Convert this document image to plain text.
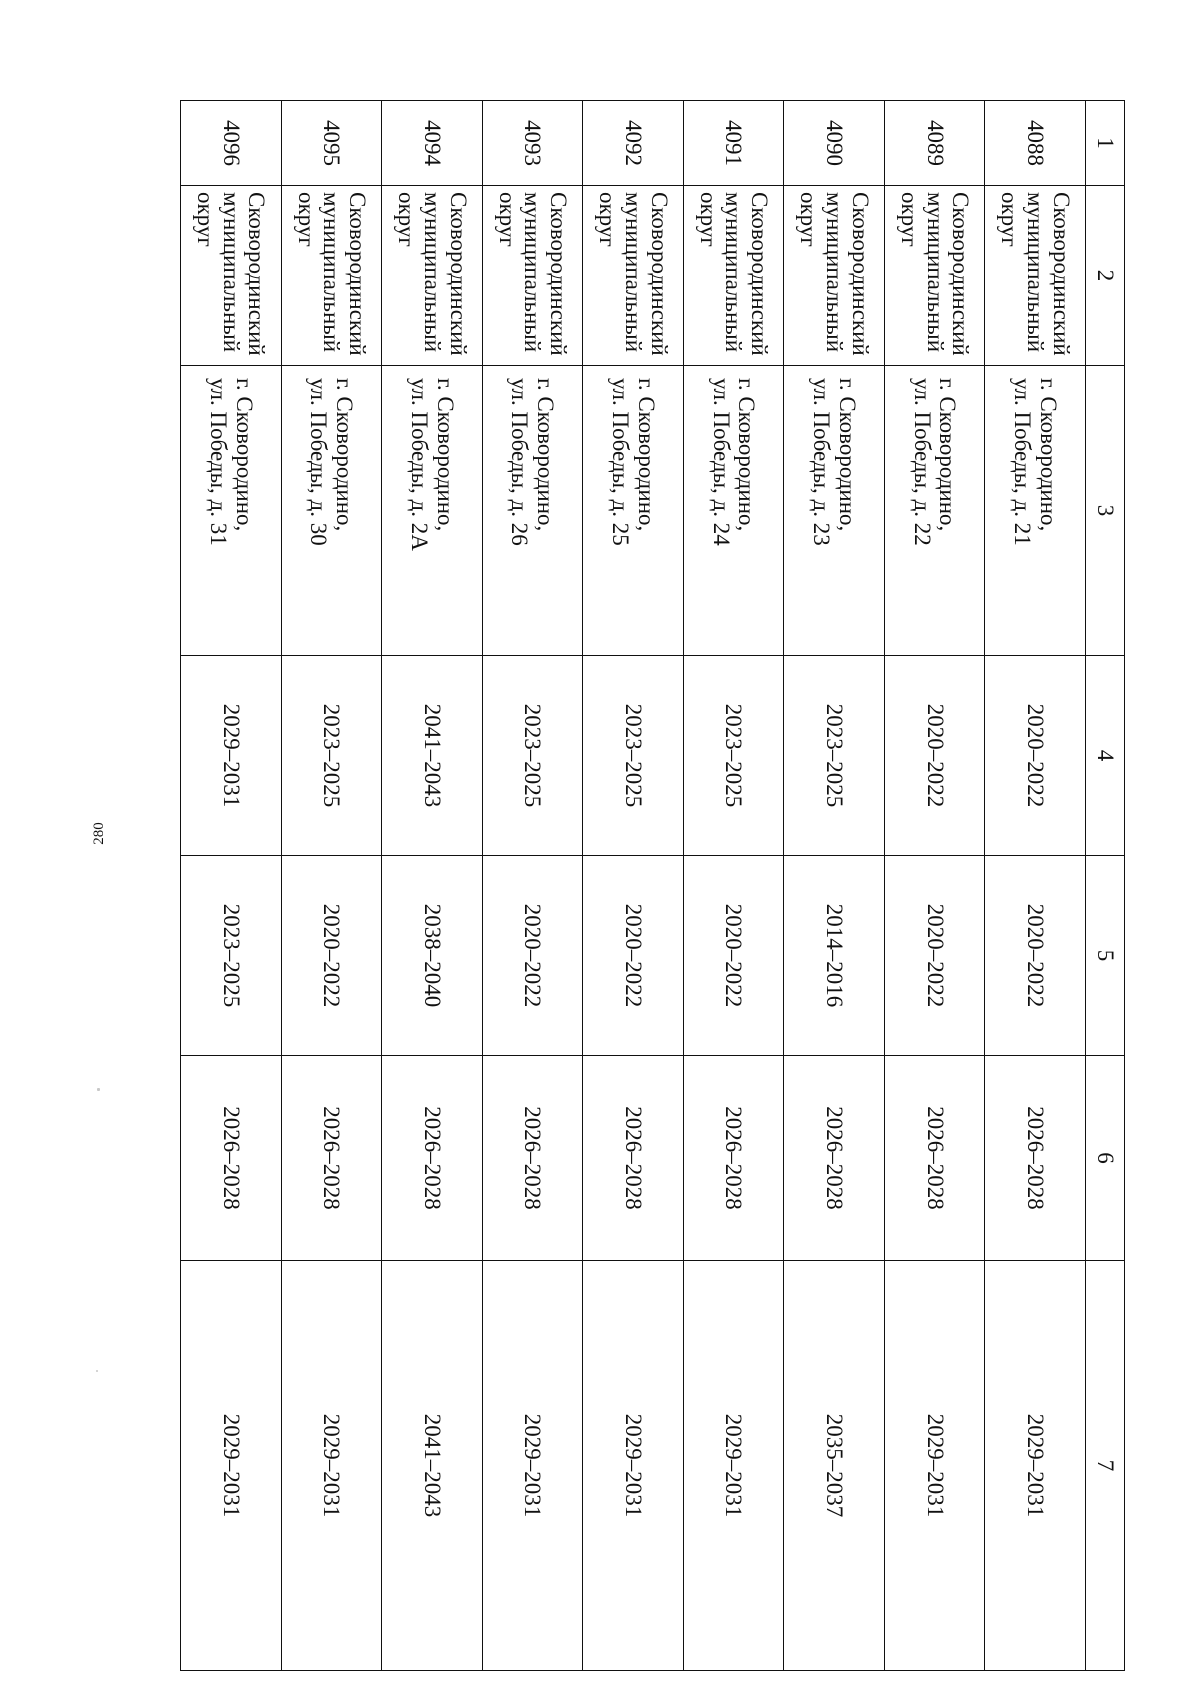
280
1	2	3	4	5	6	7
4088	Сковородинский
муниципальный
округ	г. Сковородино,
ул. Победы, д. 21	2020–2022	2020–2022	2026–2028	2029–2031
4089	Сковородинский
муниципальный
округ	г. Сковородино,
ул. Победы, д. 22	2020–2022	2020–2022	2026–2028	2029–2031
4090	Сковородинский
муниципальный
округ	г. Сковородино,
ул. Победы, д. 23	2023–2025	2014–2016	2026–2028	2035–2037
4091	Сковородинский
муниципальный
округ	г. Сковородино,
ул. Победы, д. 24	2023–2025	2020–2022	2026–2028	2029–2031
4092	Сковородинский
муниципальный
округ	г. Сковородино,
ул. Победы, д. 25	2023–2025	2020–2022	2026–2028	2029–2031
4093	Сковородинский
муниципальный
округ	г. Сковородино,
ул. Победы, д. 26	2023–2025	2020–2022	2026–2028	2029–2031
4094	Сковородинский
муниципальный
округ	г. Сковородино,
ул. Победы, д. 2А	2041–2043	2038–2040	2026–2028	2041–2043
4095	Сковородинский
муниципальный
округ	г. Сковородино,
ул. Победы, д. 30	2023–2025	2020–2022	2026–2028	2029–2031
4096	Сковородинский
муниципальный
округ	г. Сковородино,
ул. Победы, д. 31	2029–2031	2023–2025	2026–2028	2029–2031
